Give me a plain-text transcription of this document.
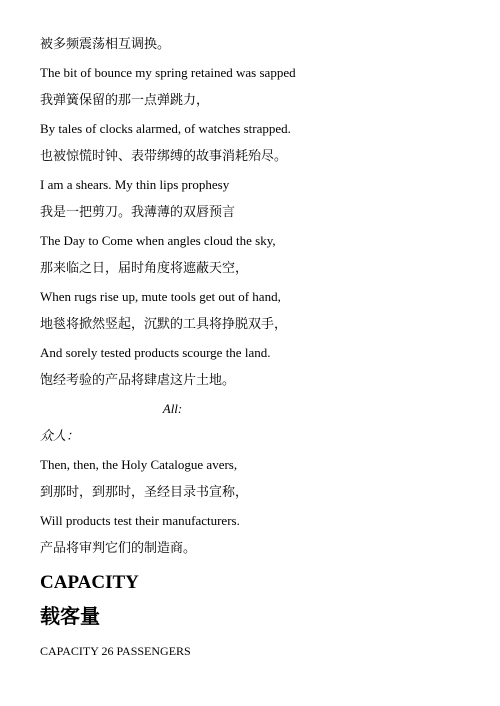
被多频震荡相互调换。
The bit of bounce my spring retained was sapped
我弹簧保留的那一点弹跳力，
By tales of clocks alarmed, of watches strapped.
也被惊慌时钟、表带绑缚的故事消耗殆尽。
I am a shears. My thin lips prophesy
我是一把剪刀。我薄薄的双唇预言
The Day to Come when angles cloud the sky,
那来临之日，届时角度将遮蔽天空，
When rugs rise up, mute tools get out of hand,
地毯将掀然竖起，沉默的工具将挣脱双手，
And sorely tested products scourge the land.
饱经考验的产品将肆虐这片土地。
All:
众人：
Then, then, the Holy Catalogue avers,
到那时，到那时，圣经目录书宣称，
Will products test their manufacturers.
产品将审判它们的制造商。
CAPACITY
载客量
CAPACITY 26 PASSENGERS
